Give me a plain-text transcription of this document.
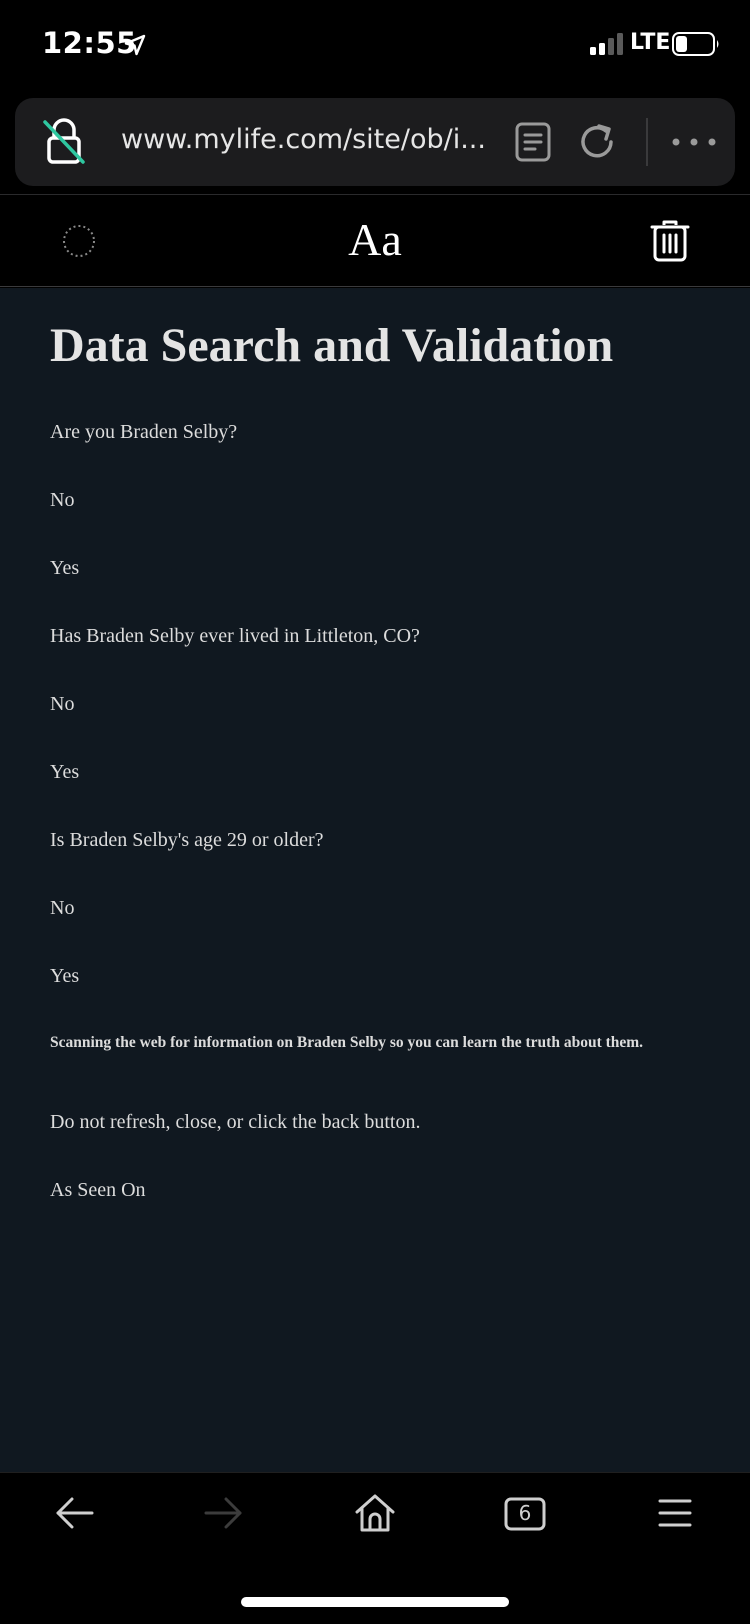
12:55	LTE
www.mylife.com/site/ob/i...
Aa
Data Search and Validation
Are you Braden Selby?
No
Yes
Has Braden Selby ever lived in Littleton, CO?
No
Yes
Is Braden Selby's age 29 or older?
No
Yes
Scanning the web for information on Braden Selby so you can learn the truth about them.
Do not refresh, close, or click the back button.
As Seen On
6
